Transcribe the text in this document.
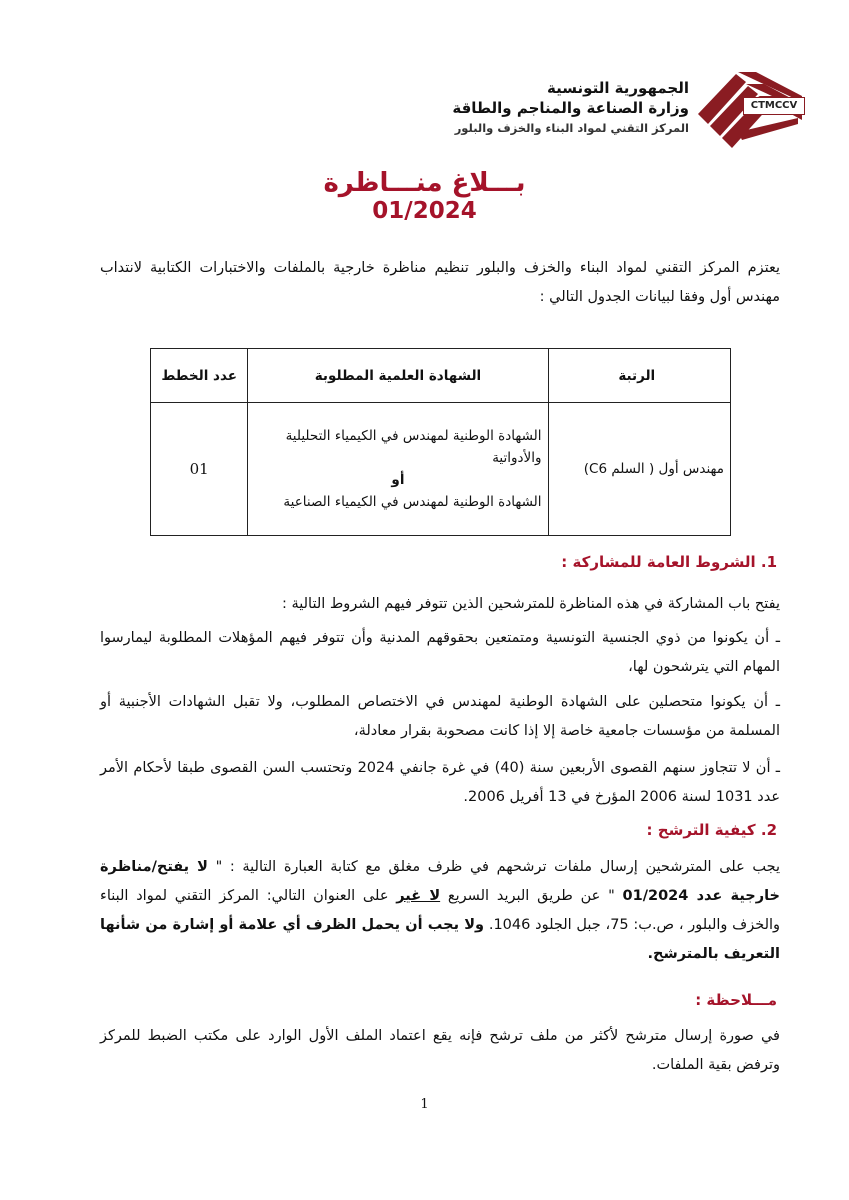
CTMCCV
الجمهورية التونسية
وزارة الصناعة والمناجم والطاقة
المركز التقني لمواد البناء والخزف والبلور
بـــلاغ منـــاظرة
01/2024
يعتزم المركز التقني لمواد البناء والخزف والبلور تنظيم مناظرة خارجية بالملفات والاختبارات الكتابية لانتداب مهندس أول وفقا لبيانات الجدول التالي :
الرتبة	الشهادة العلمية المطلوبة	عدد الخطط
مهندس أول ( السلم C6)	الشهادة الوطنية لمهندس في الكيمياء التحليلية والأدواتية
أو
الشهادة الوطنية لمهندس في الكيمياء الصناعية	01
1. الشروط العامة للمشاركة :
يفتح باب المشاركة في هذه المناظرة للمترشحين الذين تتوفر فيهم الشروط التالية :
ـ أن يكونوا من ذوي الجنسية التونسية ومتمتعين بحقوقهم المدنية وأن تتوفر فيهم المؤهلات المطلوبة ليمارسوا المهام التي يترشحون لها،
ـ أن يكونوا متحصلين على الشهادة الوطنية لمهندس في الاختصاص المطلوب، ولا تقبل الشهادات الأجنبية أو المسلمة من مؤسسات جامعية خاصة إلا إذا كانت مصحوبة بقرار معادلة،
ـ أن لا تتجاوز سنهم القصوى الأربعين سنة (40) في غرة جانفي 2024 وتحتسب السن القصوى طبقا لأحكام الأمر عدد 1031 لسنة 2006 المؤرخ في 13 أفريل 2006.
2. كيفية الترشح :
يجب على المترشحين إرسال ملفات ترشحهم في ظرف مغلق مع كتابة العبارة التالية : " لا يفتح/مناظرة خارجية عدد 01/2024 " عن طريق البريد السريع لا غير على العنوان التالي: المركز التقني لمواد البناء والخزف والبلور ، ص.ب: 75، جبل الجلود 1046. ولا يجب أن يحمل الظرف أي علامة أو إشارة من شأنها التعريف بالمترشح.
مـــلاحظة :
في صورة إرسال مترشح لأكثر من ملف ترشح فإنه يقع اعتماد الملف الأول الوارد على مكتب الضبط للمركز وترفض بقية الملفات.
1
